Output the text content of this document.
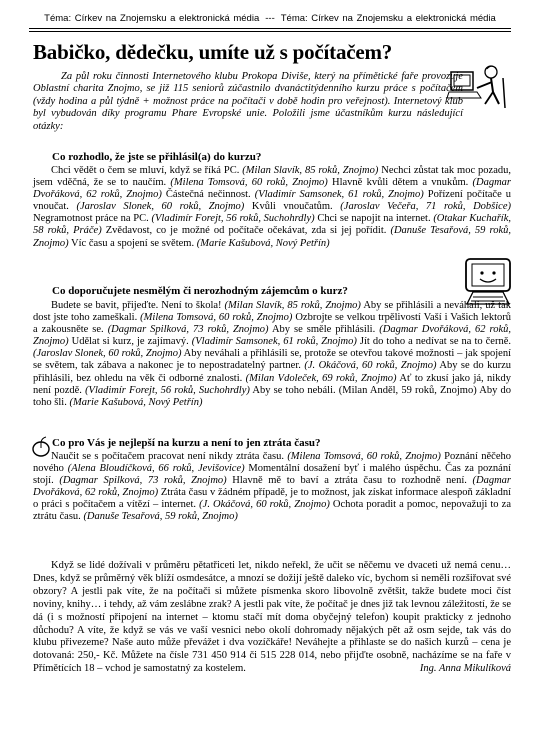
Téma: Církev na Znojemsku a elektronická média --- Téma: Církev na Znojemsku a elektronická média
Babičko, dědečku, umíte už s počítačem?
Za půl roku činnosti Internetového klubu Prokopa Diviše, který na přímětické faře provozuje Oblastní charita Znojmo, se již 115 seniorů zúčastnilo dvanáctitýdenního kurzu práce s počítačem (vždy hodina a půl týdně + možnost práce na počítači v době hodin pro veřejnost). Internetový klub byl vybudován díky programu Phare Evropské unie. Položili jsme účastníkům kurzu následující otázky:

Co rozhodlo, že jste se přihlásil(a) do kurzu?

Chci vědět o čem se mluví, když se říká PC. (Milan Slavík, 85 roků, Znojmo) Nechci zůstat tak moc pozadu, jsem vděčná, že se to naučím. (Milena Tomsová, 60 roků, Znojmo) Hlavně kvůli dětem a vnukům. (Dagmar Dvořáková, 62 roků, Znojmo) Částečná nečinnost. (Vladimír Samsonek, 61 roků, Znojmo) Pořízení počítače u vnoučat. (Jaroslav Slonek, 60 roků, Znojmo) Kvůli vnoučatům. (Jaroslav Večeřa, 71 roků, Dobšice) Negramotnost práce na PC. (Vladimír Forejt, 56 roků, Suchohrdly) Chci se napojit na internet. (Otakar Kuchařík, 58 roků, Práče) Zvědavost, co je možné od počítače očekávat, zda si jej pořídit. (Danuše Tesařová, 59 roků, Znojmo) Víc času a spojení se světem. (Marie Kašubová, Nový Petřín)

Co doporučujete nesmělým či nerozhodným zájemcům o kurz?

Budete se bavit, přijeďte. Není to škola! (Milan Slavík, 85 roků, Znojmo) Aby se přihlásili a neváhali, už tak dost jste toho zameškali. (Milena Tomsová, 60 roků, Znojmo) Ozbrojte se velkou trpělivostí Vaší i Vašich lektorů a zakousněte se. (Dagmar Spilková, 73 roků, Znojmo) Aby se směle přihlásili. (Dagmar Dvořáková, 62 roků, Znojmo) Udělat si kurz, je zajímavý. (Vladimír Samsonek, 61 roků, Znojmo) Jít do toho a nedívat se na to černě. (Jaroslav Slonek, 60 roků, Znojmo) Aby neváhali a přihlásili se, protože se otevřou takové možnosti – jak spojení se světem, tak zábava a nakonec je to nepostradatelný partner. (J. Okáčová, 60 roků, Znojmo) Aby se do kurzu přihlásili, bez ohledu na věk či odborné znalosti. (Milan Vdoleček, 69 roků, Znojmo) Ať to zkusí jako já, nikdy není pozdě. (Vladimír Forejt, 56 roků, Suchohrdly) Aby se toho nebáli. (Milan Anděl, 59 roků, Znojmo) Aby do toho šli. (Marie Kašubová, Nový Petřín)

Co pro Vás je nejlepší na kurzu a není to jen ztráta času?

Naučit se s počítačem pracovat není nikdy ztráta času. (Milena Tomsová, 60 roků, Znojmo) Poznání něčeho nového (Alena Bloudíčková, 66 roků, Jevišovice) Momentální dosažení byť i malého úspěchu. Čas za poznání stojí. (Dagmar Spilková, 73 roků, Znojmo) Hlavně mě to baví a ztráta času to rozhodně není. (Dagmar Dvořáková, 62 roků, Znojmo) Ztráta času v žádném případě, je to možnost, jak získat informace alespoň základní o práci s počítačem a vítězí – internet. (J. Okáčová, 60 roků, Znojmo) Ochota poradit a pomoc, nepovažuji to za ztrátu času. (Danuše Tesařová, 59 roků, Znojmo)
Když se lidé dožívali v průměru pětatřiceti let, nikdo neřekl, že učit se něčemu ve dvaceti už nemá cenu… Dnes, když se průměrný věk blíží osmdesátce, a mnozí se dožijí ještě daleko víc, bychom si neměli rozšiřovat své obzory? A jestli pak víte, že na počítači si můžete písmenka skoro libovolně zvětšit, takže budete moci číst noviny, knihy… i tehdy, až vám zeslábne zrak? A jestli pak víte, že počítač je dnes již tak levnou záležitostí, že se dá (i s možností připojení na internet – ktomu stačí mít doma obyčejný telefon) koupit prakticky z jednoho důchodu? A víte, že když se vás ve vaší vesnici nebo okolí dohromady nějakých pět až osm sejde, tak vás do klubu přivezeme? Naše auto může převážet i dva vozíčkáře! Neváhejte a přihlaste se do našich kurzů – cena je dotovaná: 250,- Kč. Můžete na čísle 731 450 914 či 515 228 014, nebo přijďte osobně, nacházíme se na faře v Přímětících 18 – vchod je samostatný za kostelem.	Ing. Anna Mikulíková
